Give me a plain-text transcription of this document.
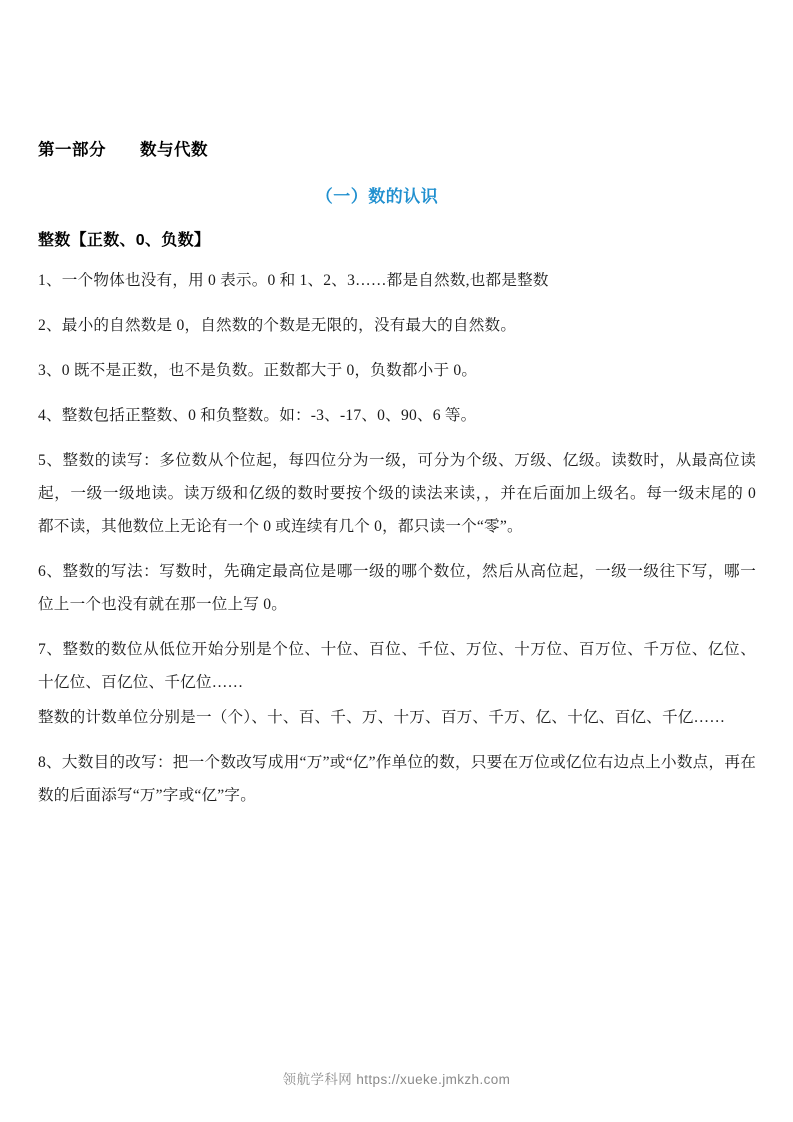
第一部分 数与代数
（一）数的认识
整数【正数、0、负数】

1、一个物体也没有，用 0 表示。0 和 1、2、3……都是自然数,也都是整数

2、最小的自然数是 0，自然数的个数是无限的，没有最大的自然数。

3、0 既不是正数，也不是负数。正数都大于 0，负数都小于 0。

4、整数包括正整数、0 和负整数。如：-3、-17、0、90、6 等。

5、整数的读写：多位数从个位起，每四位分为一级，可分为个级、万级、亿级。读数时，从最高位读起，一级一级地读。读万级和亿级的数时要按个级的读法来读，，并在后面加上级名。每一级末尾的 0 都不读，其他数位上无论有一个 0 或连续有几个 0，都只读一个“零”。

6、整数的写法：写数时，先确定最高位是哪一级的哪个数位，然后从高位起，一级一级往下写，哪一位上一个也没有就在那一位上写 0。

7、整数的数位从低位开始分别是个位、十位、百位、千位、万位、十万位、百万位、千万位、亿位、十亿位、百亿位、千亿位……

整数的计数单位分别是一（个）、十、百、千、万、十万、百万、千万、亿、十亿、百亿、千亿……

8、大数目的改写：把一个数改写成用“万”或“亿”作单位的数，只要在万位或亿位右边点上小数点，再在数的后面添写“万”字或“亿”字。

领航学科网 https://xueke.jmkzh.com
